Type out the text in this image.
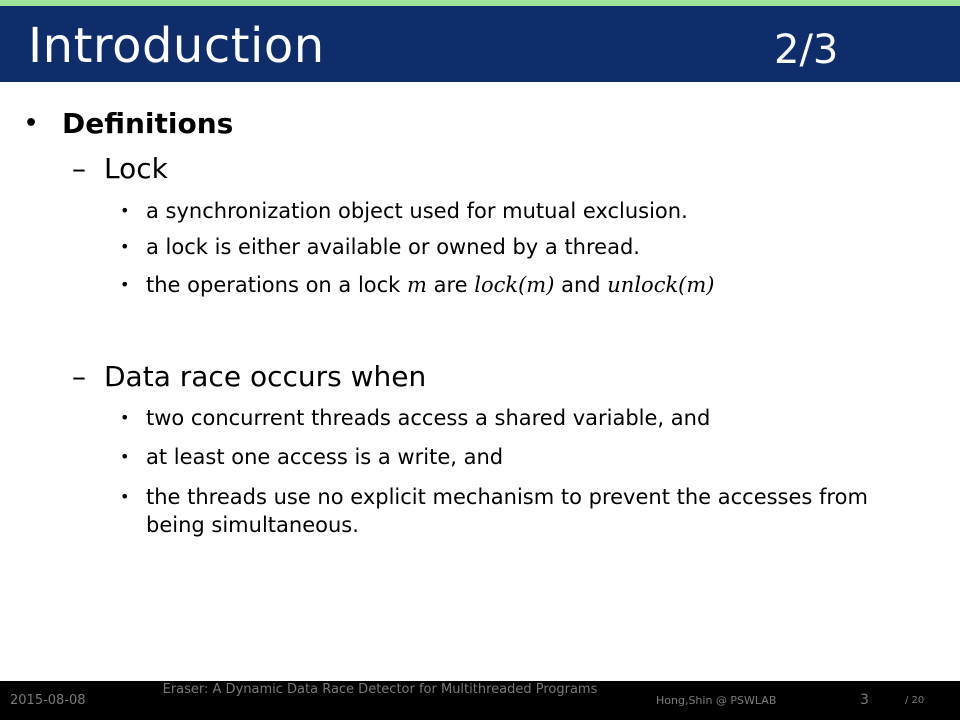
Introduction	2/3
• Definitions
– Lock
• a synchronization object used for mutual exclusion.
• a lock is either available or owned by a thread.
• the operations on a lock m are lock(m) and unlock(m)
– Data race occurs when
• two concurrent threads access a shared variable, and
• at least one access is a write, and
• the threads use no explicit mechanism to prevent the accesses from being simultaneous.
2015-08-08
Eraser: A Dynamic Data Race Detector for Multithreaded Programs
Hong,Shin @ PSWLAB	3	/ 20
